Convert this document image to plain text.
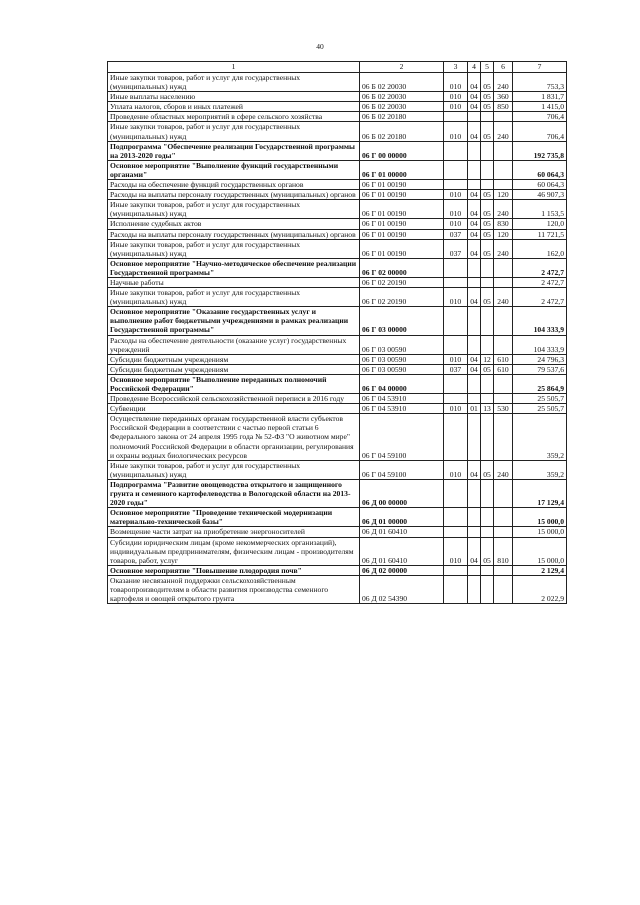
40
1	2	3	4	5	6	7
Иные закупки товаров, работ и услуг для государственных (муниципальных) нужд	06 Б 02 20030	010	04	05	240	753,3
Иные выплаты населению	06 Б 02 20030	010	04	05	360	1 831,7
Уплата налогов, сборов и иных платежей	06 Б 02 20030	010	04	05	850	1 415,0
Проведение областных мероприятий в сфере сельского хозяйства	06 Б 02 20180					706,4
Иные закупки товаров, работ и услуг для государственных (муниципальных) нужд	06 Б 02 20180	010	04	05	240	706,4
Подпрограмма "Обеспечение реализации Государственной программы на 2013-2020 годы"	06 Г 00 00000					192 735,8
Основное мероприятие "Выполнение функций государственными органами"	06 Г 01 00000					60 064,3
Расходы на обеспечение функций государственных органов	06 Г 01 00190					60 064,3
Расходы на выплаты персоналу государственных (муниципальных) органов	06 Г 01 00190	010	04	05	120	46 907,3
Иные закупки товаров, работ и услуг для государственных (муниципальных) нужд	06 Г 01 00190	010	04	05	240	1 153,5
Исполнение судебных актов	06 Г 01 00190	010	04	05	830	120,0
Расходы на выплаты персоналу государственных (муниципальных) органов	06 Г 01 00190	037	04	05	120	11 721,5
Иные закупки товаров, работ и услуг для государственных (муниципальных) нужд	06 Г 01 00190	037	04	05	240	162,0
Основное мероприятие "Научно-методическое обеспечение реализации Государственной программы"	06 Г 02 00000					2 472,7
Научные работы	06 Г 02 20190					2 472,7
Иные закупки товаров, работ и услуг для государственных (муниципальных) нужд	06 Г 02 20190	010	04	05	240	2 472,7
Основное мероприятие "Оказание государственных услуг и выполнение работ бюджетными учреждениями в рамках реализации Государственной программы"	06 Г 03 00000					104 333,9
Расходы на обеспечение деятельности (оказание услуг) государственных учреждений	06 Г 03 00590					104 333,9
Субсидии бюджетным учреждениям	06 Г 03 00590	010	04	12	610	24 796,3
Субсидии бюджетным учреждениям	06 Г 03 00590	037	04	05	610	79 537,6
Основное мероприятие "Выполнение переданных полномочий Российской Федерации"	06 Г 04 00000					25 864,9
Проведение Всероссийской сельскохозяйственной переписи в 2016 году	06 Г 04 53910					25 505,7
Субвенции	06 Г 04 53910	010	01	13	530	25 505,7
Осуществление переданных органам государственной власти субъектов Российской Федерации в соответствии с частью первой статьи 6 Федерального закона от 24 апреля 1995 года № 52-ФЗ "О животном мире" полномочий Российской Федерации в области организации, регулирования и охраны водных биологических ресурсов	06 Г 04 59100					359,2
Иные закупки товаров, работ и услуг для государственных (муниципальных) нужд	06 Г 04 59100	010	04	05	240	359,2
Подпрограмма "Развитие овощеводства открытого и защищенного грунта и семенного картофелеводства в Вологодской области на 2013-2020 годы"	06 Д 00 00000					17 129,4
Основное мероприятие "Проведение технической модернизации материально-технической базы"	06 Д 01 00000					15 000,0
Возмещение части затрат на приобретение энергоносителей	06 Д 01 60410					15 000,0
Субсидии юридическим лицам (кроме некоммерческих организаций), индивидуальным предпринимателям, физическим лицам - производителям товаров, работ, услуг	06 Д 01 60410	010	04	05	810	15 000,0
Основное мероприятие "Повышение плодородия почв"	06 Д 02 00000					2 129,4
Оказание несвязанной поддержки сельскохозяйственным товаропроизводителям в области развития производства семенного картофеля и овощей открытого грунта	06 Д 02 54390					2 022,9
